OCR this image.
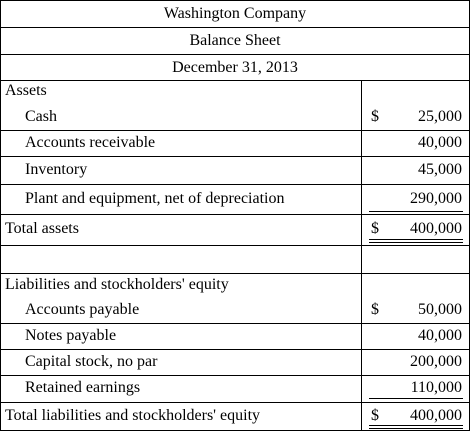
Washington Company
Balance Sheet
December 31, 2013
Assets
Cash	$ 25,000
Accounts receivable	40,000
Inventory	45,000
Plant and equipment, net of depreciation	290,000
Total assets	$ 400,000
Liabilities and stockholders' equity
Accounts payable	$ 50,000
Notes payable	40,000
Capital stock, no par	200,000
Retained earnings	110,000
Total liabilities and stockholders' equity	$ 400,000
